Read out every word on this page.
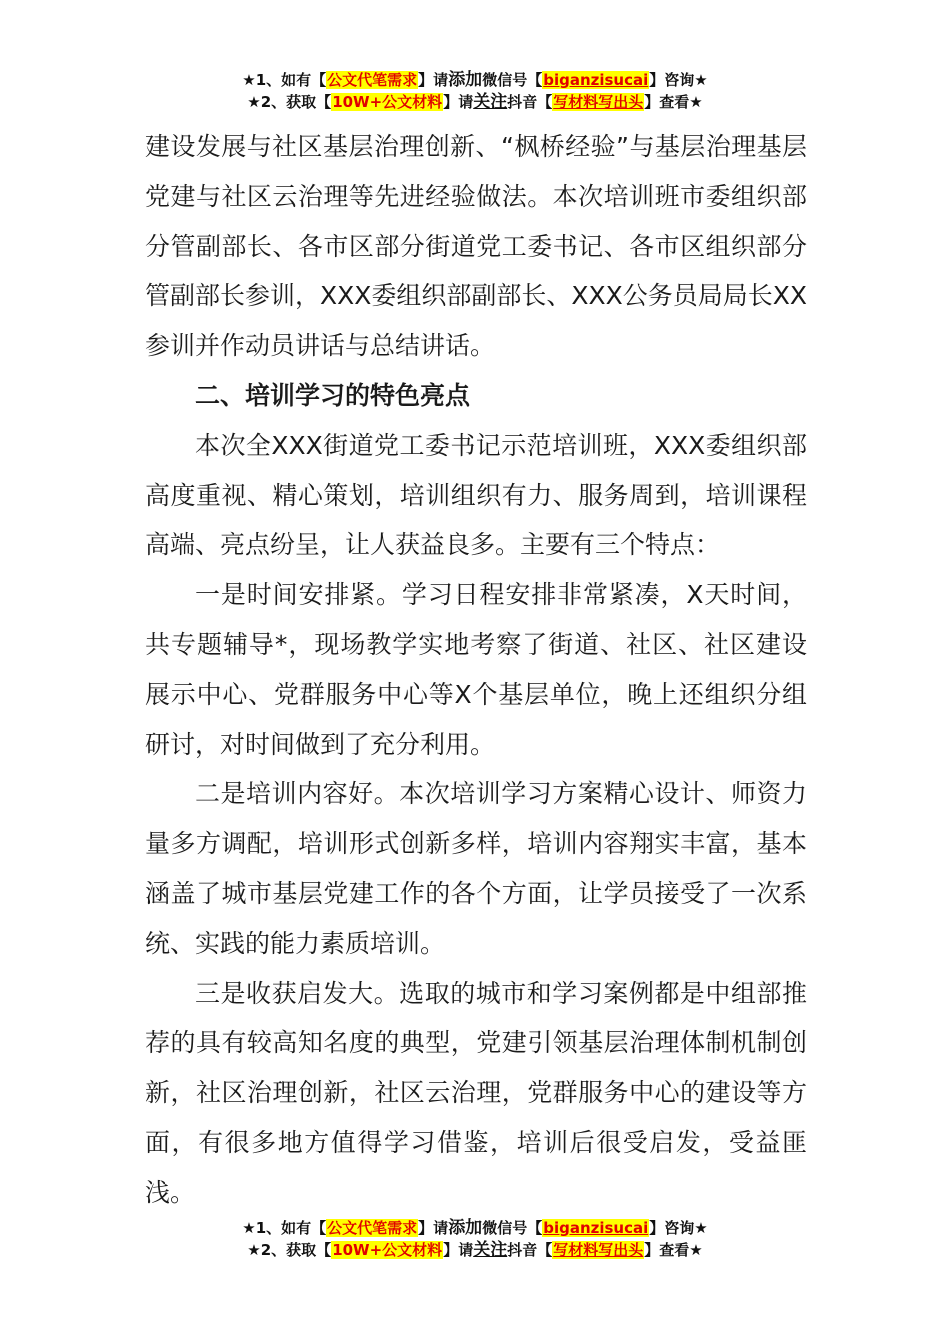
★1、如有【公文代笔需求】请添加微信号【biganzisucai】咨询★
★2、获取【10W+公文材料】请关注抖音【写材料写出头】查看★

建设发展与社区基层治理创新、“枫桥经验”与基层治理基层党建与社区云治理等先进经验做法。本次培训班市委组织部分管副部长、各市区部分街道党工委书记、各市区组织部分管副部长参训，XXX委组织部副部长、XXX公务员局局长XX参训并作动员讲话与总结讲话。

二、培训学习的特色亮点

本次全XXX街道党工委书记示范培训班，XXX委组织部高度重视、精心策划，培训组织有力、服务周到，培训课程高端、亮点纷呈，让人获益良多。主要有三个特点：

一是时间安排紧。学习日程安排非常紧凑，X天时间，共专题辅导*，现场教学实地考察了街道、社区、社区建设展示中心、党群服务中心等X个基层单位，晚上还组织分组研讨，对时间做到了充分利用。

二是培训内容好。本次培训学习方案精心设计、师资力量多方调配，培训形式创新多样，培训内容翔实丰富，基本涵盖了城市基层党建工作的各个方面，让学员接受了一次系统、实践的能力素质培训。

三是收获启发大。选取的城市和学习案例都是中组部推荐的具有较高知名度的典型，党建引领基层治理体制机制创新，社区治理创新，社区云治理，党群服务中心的建设等方面，有很多地方值得学习借鉴，培训后很受启发，受益匪浅。

★1、如有【公文代笔需求】请添加微信号【biganzisucai】咨询★
★2、获取【10W+公文材料】请关注抖音【写材料写出头】查看★
